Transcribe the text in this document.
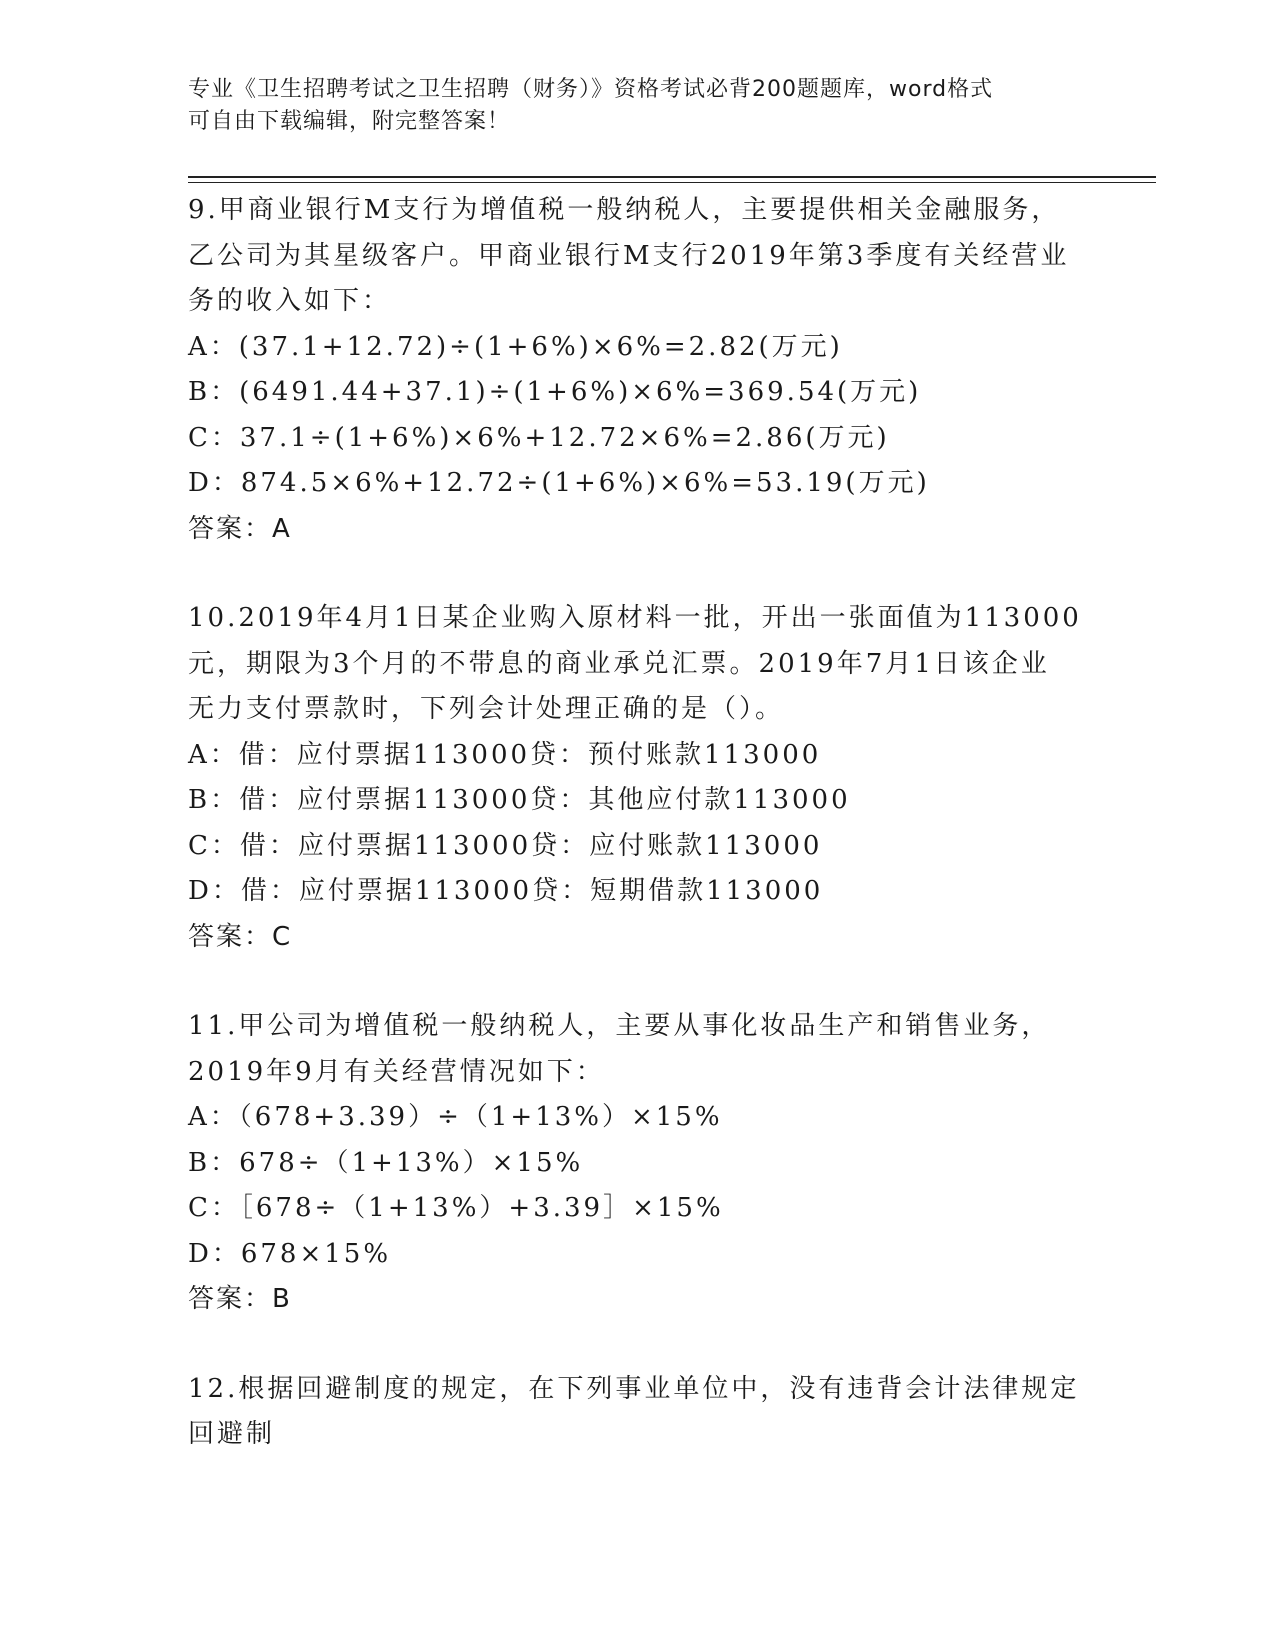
专业《卫生招聘考试之卫生招聘（财务）》资格考试必背200题题库，word格式
可自由下载编辑，附完整答案！
9.甲商业银行M支行为增值税一般纳税人，主要提供相关金融服务，
乙公司为其星级客户。甲商业银行M支行2019年第3季度有关经营业
务的收入如下：
A：(37.1+12.72)÷(1+6%)×6%=2.82(万元)
B：(6491.44+37.1)÷(1+6%)×6%=369.54(万元)
C：37.1÷(1+6%)×6%+12.72×6%=2.86(万元)
D：874.5×6%+12.72÷(1+6%)×6%=53.19(万元)
答案：A
10.2019年4月1日某企业购入原材料一批，开出一张面值为113000
元，期限为3个月的不带息的商业承兑汇票。2019年7月1日该企业
无力支付票款时，下列会计处理正确的是（）。
A：借：应付票据113000贷：预付账款113000
B：借：应付票据113000贷：其他应付款113000
C：借：应付票据113000贷：应付账款113000
D：借：应付票据113000贷：短期借款113000
答案：C
11.甲公司为增值税一般纳税人，主要从事化妆品生产和销售业务，
2019年9月有关经营情况如下：
A：（678+3.39）÷（1+13%）×15%
B：678÷（1+13%）×15%
C：［678÷（1+13%）+3.39］×15%
D：678×15%
答案：B
12.根据回避制度的规定，在下列事业单位中，没有违背会计法律规定
回避制
